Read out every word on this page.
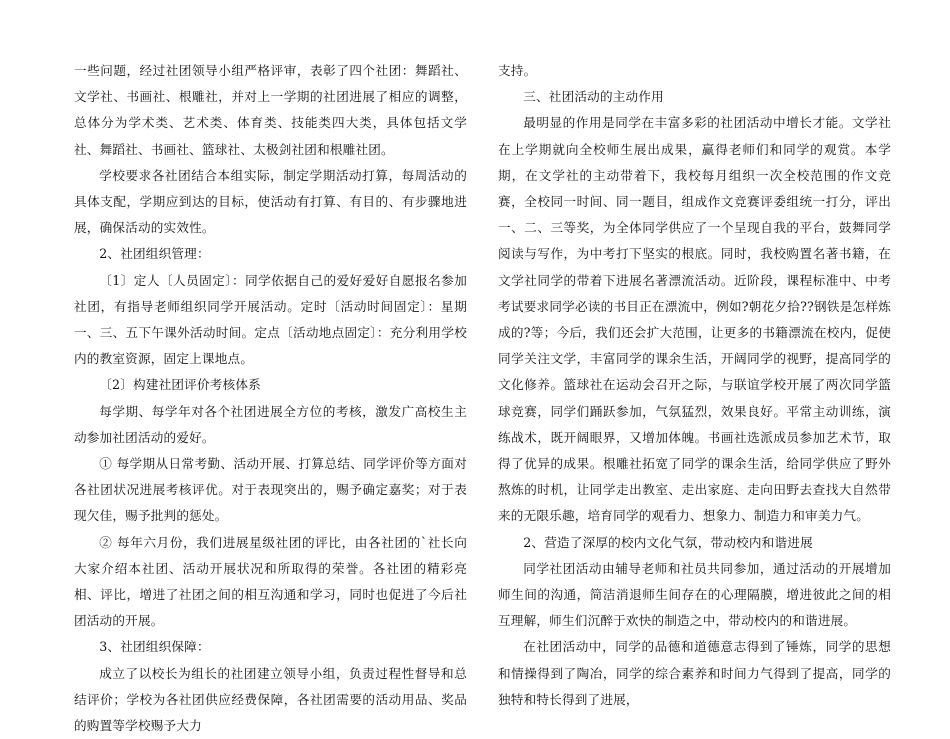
一些问题，经过社团领导小组严格评审，表彰了四个社团：舞蹈社、文学社、书画社、根雕社，并对上一学期的社团进展了相应的调整，总体分为学术类、艺术类、体育类、技能类四大类，具体包括文学社、舞蹈社、书画社、篮球社、太极剑社团和根雕社团。

学校要求各社团结合本组实际，制定学期活动打算，每周活动的具体支配，学期应到达的目标，使活动有打算、有目的、有步骤地进展，确保活动的实效性。

2、社团组织管理：

〔1〕定人〔人员固定〕：同学依据自己的爱好爱好自愿报名参加社团，有指导老师组织同学开展活动。定时〔活动时间固定〕：星期一、三、五下午课外活动时间。定点〔活动地点固定〕：充分利用学校内的教室资源，固定上课地点。

〔2〕构建社团评价考核体系

每学期、每学年对各个社团进展全方位的考核，激发广高校生主动参加社团活动的爱好。

① 每学期从日常考勤、活动开展、打算总结、同学评价等方面对各社团状况进展考核评优。对于表现突出的，赐予确定嘉奖；对于表现欠佳，赐予批判的惩处。

② 每年六月份，我们进展星级社团的评比，由各社团的`社长向大家介绍本社团、活动开展状况和所取得的荣誉。各社团的精彩亮相、评比，增进了社团之间的相互沟通和学习，同时也促进了今后社团活动的开展。

3、社团组织保障：

成立了以校长为组长的社团建立领导小组，负责过程性督导和总结评价；学校为各社团供应经费保障，各社团需要的活动用品、奖品的购置等学校赐予大力

支持。

三、社团活动的主动作用

最明显的作用是同学在丰富多彩的社团活动中增长才能。文学社在上学期就向全校师生展出成果，赢得老师们和同学的观赏。本学期，在文学社的主动带着下，我校每月组织一次全校范围的作文竞赛，全校同一时间、同一题目，组成作文竞赛评委组统一打分，评出一、二、三等奖，为全体同学供应了一个呈现自我的平台，鼓舞同学阅读与写作，为中考打下坚实的根底。同时，我校购置名著书籍，在文学社同学的带着下进展名著漂流活动。近阶段，课程标准中、中考考试要求同学必读的书目正在漂流中，例如?朝花夕拾??钢铁是怎样炼成的?等；今后，我们还会扩大范围，让更多的书籍漂流在校内，促使同学关注文学，丰富同学的课余生活，开阔同学的视野，提高同学的文化修养。篮球社在运动会召开之际，与联谊学校开展了两次同学篮球竞赛，同学们踊跃参加，气氛猛烈，效果良好。平常主动训练，演练战术，既开阔眼界，又增加体魄。书画社选派成员参加艺术节，取得了优异的成果。根雕社拓宽了同学的课余生活，给同学供应了野外熬炼的时机，让同学走出教室、走出家庭、走向田野去查找大自然带来的无限乐趣，培育同学的观看力、想象力、制造力和审美力气。

2、营造了深厚的校内文化气氛，带动校内和谐进展

同学社团活动由辅导老师和社员共同参加，通过活动的开展增加师生间的沟通，简洁消退师生间存在的心理隔膜，增进彼此之间的相互理解，师生们沉醉于欢快的制造之中，带动校内的和谐进展。

在社团活动中，同学的品德和道德意志得到了锤炼，同学的思想和情操得到了陶冶，同学的综合素养和时间力气得到了提高，同学的独特和特长得到了进展，
